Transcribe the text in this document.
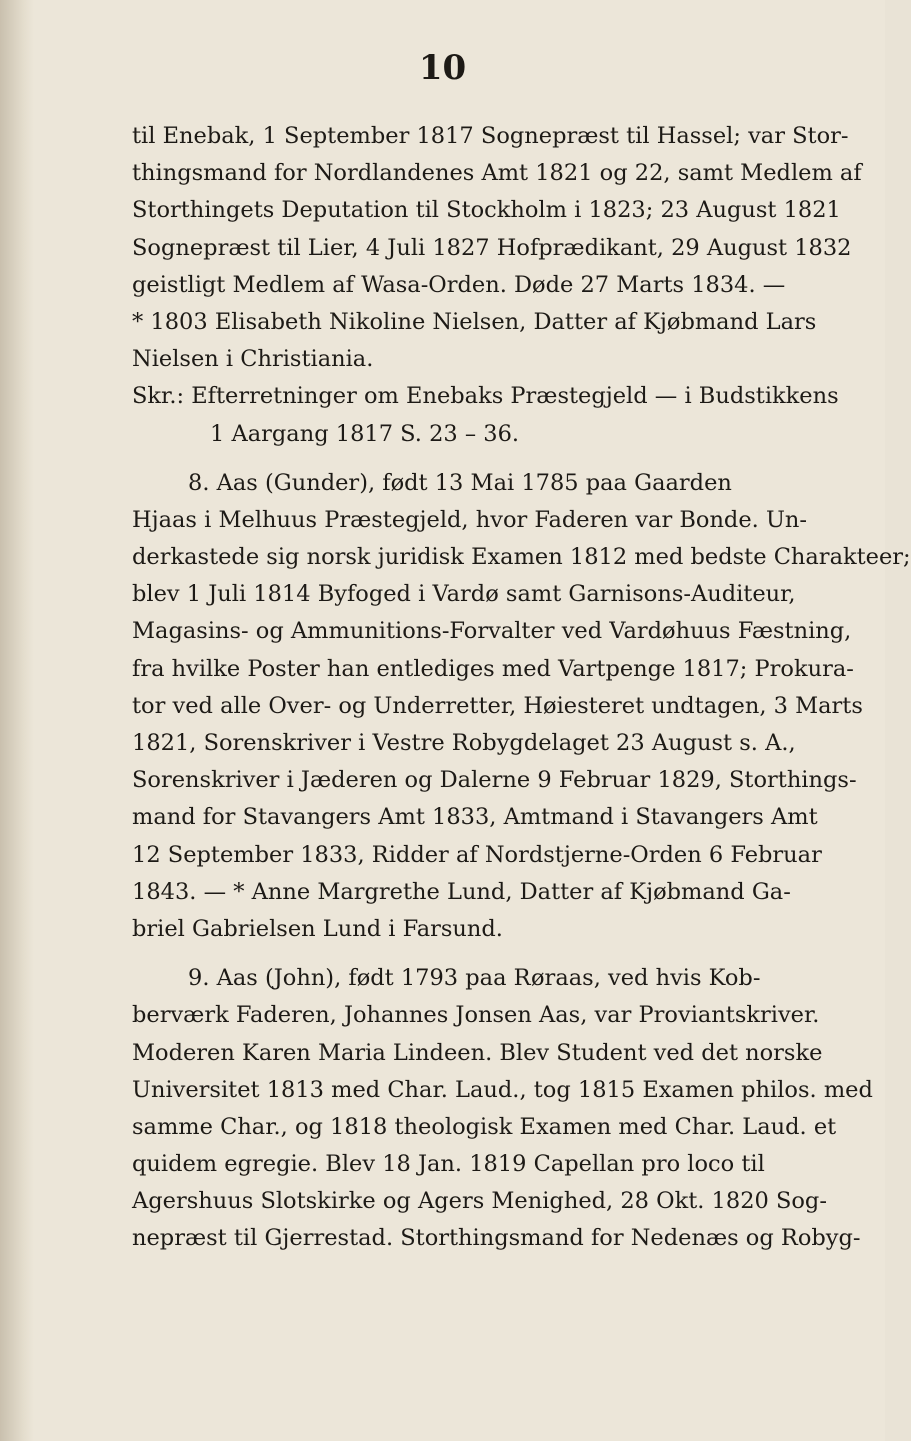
10
til Enebak, 1 September 1817 Sognepræst til Hassel; var Stor-
thingsmand for Nordlandenes Amt 1821 og 22, samt Medlem af
Storthingets Deputation til Stockholm i 1823; 23 August 1821
Sognepræst til Lier, 4 Juli 1827 Hofprædikant, 29 August 1832
geistligt Medlem af Wasa-Orden. Døde 27 Marts 1834. —
* 1803 Elisabeth Nikoline Nielsen, Datter af Kjøbmand Lars
Nielsen i Christiania.
Skr.: Efterretninger om Enebaks Præstegjeld — i Budstikkens
1 Aargang 1817 S. 23 – 36.
8. Aas (Gunder), født 13 Mai 1785 paa Gaarden
Hjaas i Melhuus Præstegjeld, hvor Faderen var Bonde. Un-
derkastede sig norsk juridisk Examen 1812 med bedste Charakteer;
blev 1 Juli 1814 Byfoged i Vardø samt Garnisons-Auditeur,
Magasins- og Ammunitions-Forvalter ved Vardøhuus Fæstning,
fra hvilke Poster han entlediges med Vartpenge 1817; Prokura-
tor ved alle Over- og Underretter, Høiesteret undtagen, 3 Marts
1821, Sorenskriver i Vestre Robygdelaget 23 August s. A.,
Sorenskriver i Jæderen og Dalerne 9 Februar 1829, Storthings-
mand for Stavangers Amt 1833, Amtmand i Stavangers Amt
12 September 1833, Ridder af Nordstjerne-Orden 6 Februar
1843. — * Anne Margrethe Lund, Datter af Kjøbmand Ga-
briel Gabrielsen Lund i Farsund.
9. Aas (John), født 1793 paa Røraas, ved hvis Kob-
berværk Faderen, Johannes Jonsen Aas, var Proviantskriver.
Moderen Karen Maria Lindeen. Blev Student ved det norske
Universitet 1813 med Char. Laud., tog 1815 Examen philos. med
samme Char., og 1818 theologisk Examen med Char. Laud. et
quidem egregie. Blev 18 Jan. 1819 Capellan pro loco til
Agershuus Slotskirke og Agers Menighed, 28 Okt. 1820 Sog-
nepræst til Gjerrestad. Storthingsmand for Nedenæs og Robyg-
